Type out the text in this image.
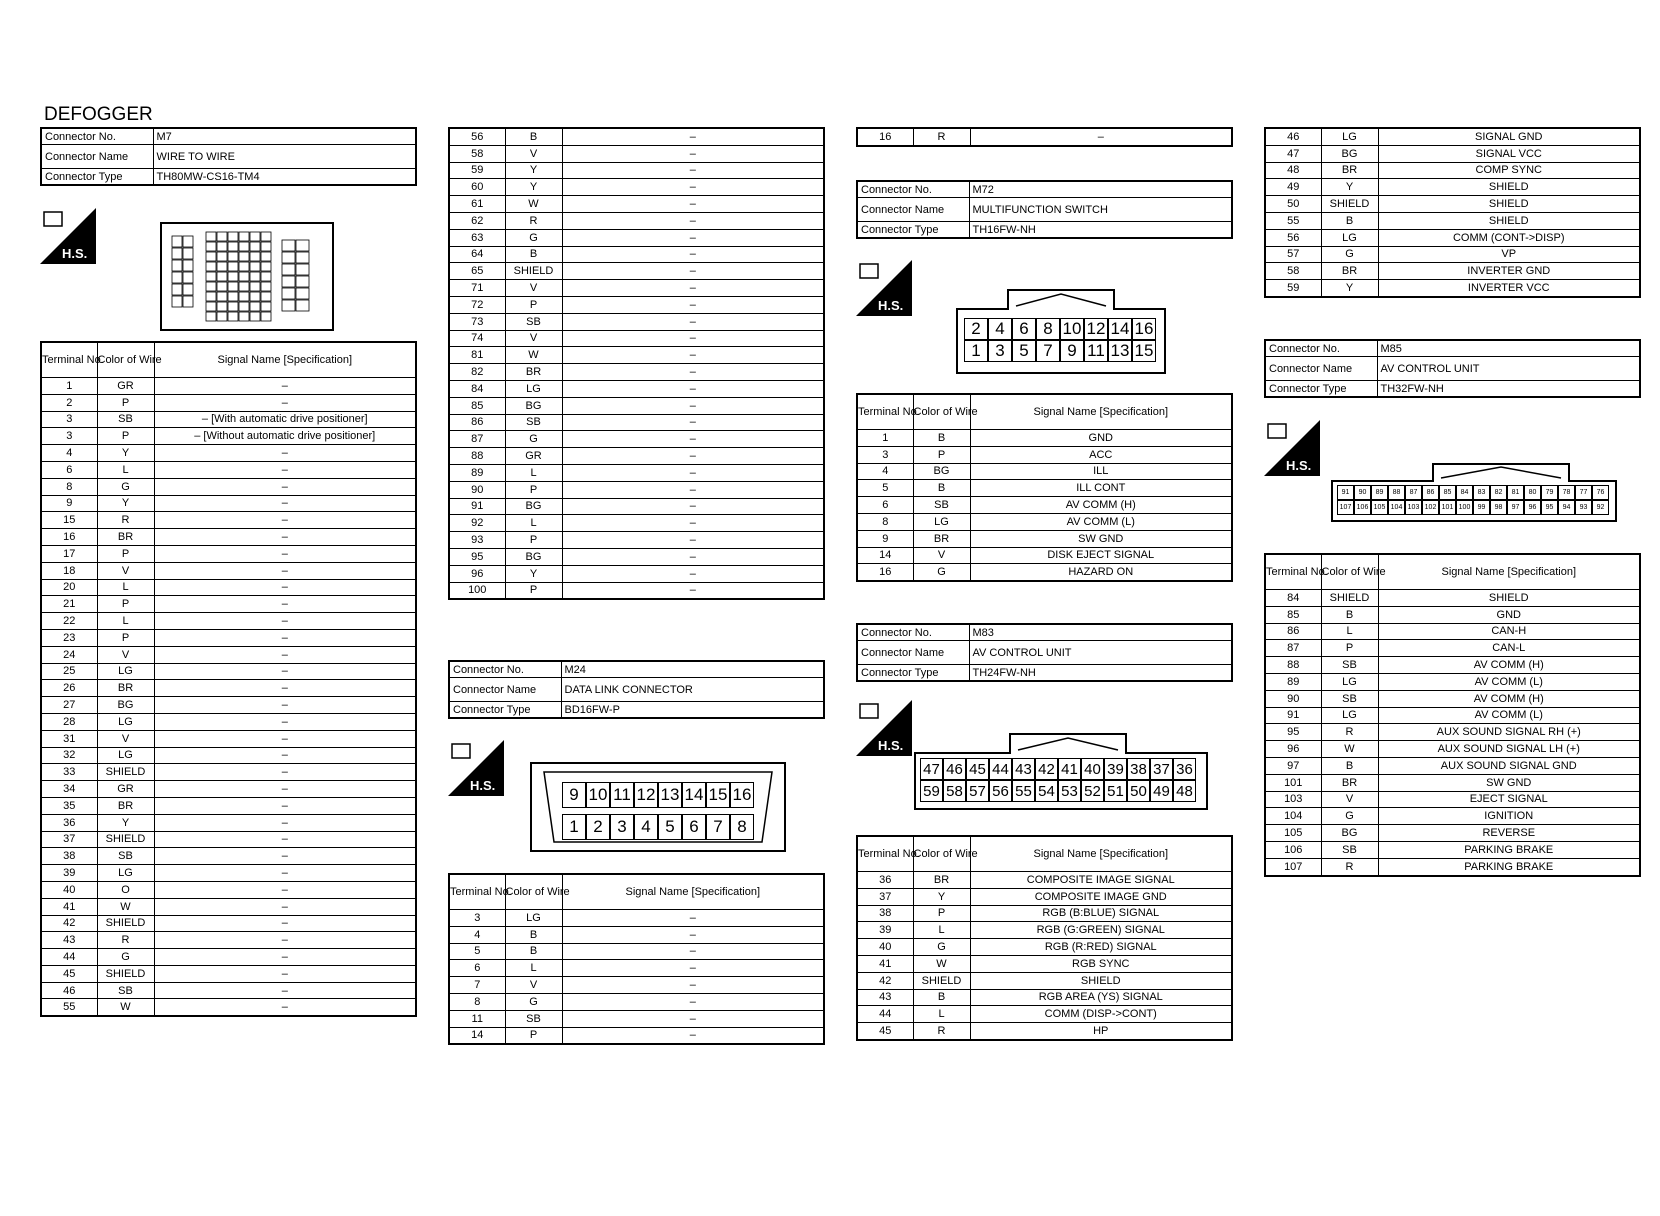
DEFOGGER
Connector No.	M7
Connector Name	WIRE TO WIRE
Connector Type	TH80MW-CS16-TM4
H.S.
Terminal No.	Color of Wire	Signal Name [Specification]
1	GR	–
2	P	–
3	SB	– [With automatic drive positioner]
3	P	– [Without automatic drive positioner]
4	Y	–
6	L	–
8	G	–
9	Y	–
15	R	–
16	BR	–
17	P	–
18	V	–
20	L	–
21	P	–
22	L	–
23	P	–
24	V	–
25	LG	–
26	BR	–
27	BG	–
28	LG	–
31	V	–
32	LG	–
33	SHIELD	–
34	GR	–
35	BR	–
36	Y	–
37	SHIELD	–
38	SB	–
39	LG	–
40	O	–
41	W	–
42	SHIELD	–
43	R	–
44	G	–
45	SHIELD	–
46	SB	–
55	W	–
56	B	–
58	V	–
59	Y	–
60	Y	–
61	W	–
62	R	–
63	G	–
64	B	–
65	SHIELD	–
71	V	–
72	P	–
73	SB	–
74	V	–
81	W	–
82	BR	–
84	LG	–
85	BG	–
86	SB	–
87	G	–
88	GR	–
89	L	–
90	P	–
91	BG	–
92	L	–
93	P	–
95	BG	–
96	Y	–
100	P	–
Connector No.	M24
Connector Name	DATA LINK CONNECTOR
Connector Type	BD16FW-P
H.S.	9 10 11 12 13 14 15 16
1 2 3 4 5 6 7 8
Terminal No.	Color of Wire	Signal Name [Specification]
3	LG	–
4	B	–
5	B	–
6	L	–
7	V	–
8	G	–
11	SB	–
14	P	–
16	R	–
Connector No.	M72
Connector Name	MULTIFUNCTION SWITCH
Connector Type	TH16FW-NH
H.S.
2 4 6 8 10 12 14 16
1 3 5 7 9 11 13 15
Terminal No.	Color of Wire	Signal Name [Specification]
1	B	GND
3	P	ACC
4	BG	ILL
5	B	ILL CONT
6	SB	AV COMM (H)
8	LG	AV COMM (L)
9	BR	SW GND
14	V	DISK EJECT SIGNAL
16	G	HAZARD ON
Connector No.	M83
Connector Name	AV CONTROL UNIT
Connector Type	TH24FW-NH
H.S.
47 46 45 44 43 42 41 40 39 38 37 36
59 58 57 56 55 54 53 52 51 50 49 48
Terminal No.	Color of Wire	Signal Name [Specification]
36	BR	COMPOSITE IMAGE SIGNAL
37	Y	COMPOSITE IMAGE GND
38	P	RGB (B:BLUE) SIGNAL
39	L	RGB (G:GREEN) SIGNAL
40	G	RGB (R:RED) SIGNAL
41	W	RGB SYNC
42	SHIELD	SHIELD
43	B	RGB AREA (YS) SIGNAL
44	L	COMM (DISP->CONT)
45	R	HP
46	LG	SIGNAL GND
47	BG	SIGNAL VCC
48	BR	COMP SYNC
49	Y	SHIELD
50	SHIELD	SHIELD
55	B	SHIELD
56	LG	COMM (CONT->DISP)
57	G	VP
58	BR	INVERTER GND
59	Y	INVERTER VCC
Connector No.	M85
Connector Name	AV CONTROL UNIT
Connector Type	TH32FW-NH
H.S.
91	90	89	88	87	86	85	84	83	82	81	80	79	78	77	76
107 106 105 104 103 102 101 100	99	98	97	96	95	94	93	92
Terminal No.	Color of Wire	Signal Name [Specification]
84	SHIELD	SHIELD
85	B	GND
86	L	CAN-H
87	P	CAN-L
88	SB	AV COMM (H)
89	LG	AV COMM (L)
90	SB	AV COMM (H)
91	LG	AV COMM (L)
95	R	AUX SOUND SIGNAL RH (+)
96	W	AUX SOUND SIGNAL LH (+)
97	B	AUX SOUND SIGNAL GND
101	BR	SW GND
103	V	EJECT SIGNAL
104	G	IGNITION
105	BG	REVERSE
106	SB	PARKING BRAKE
107	R	PARKING BRAKE
